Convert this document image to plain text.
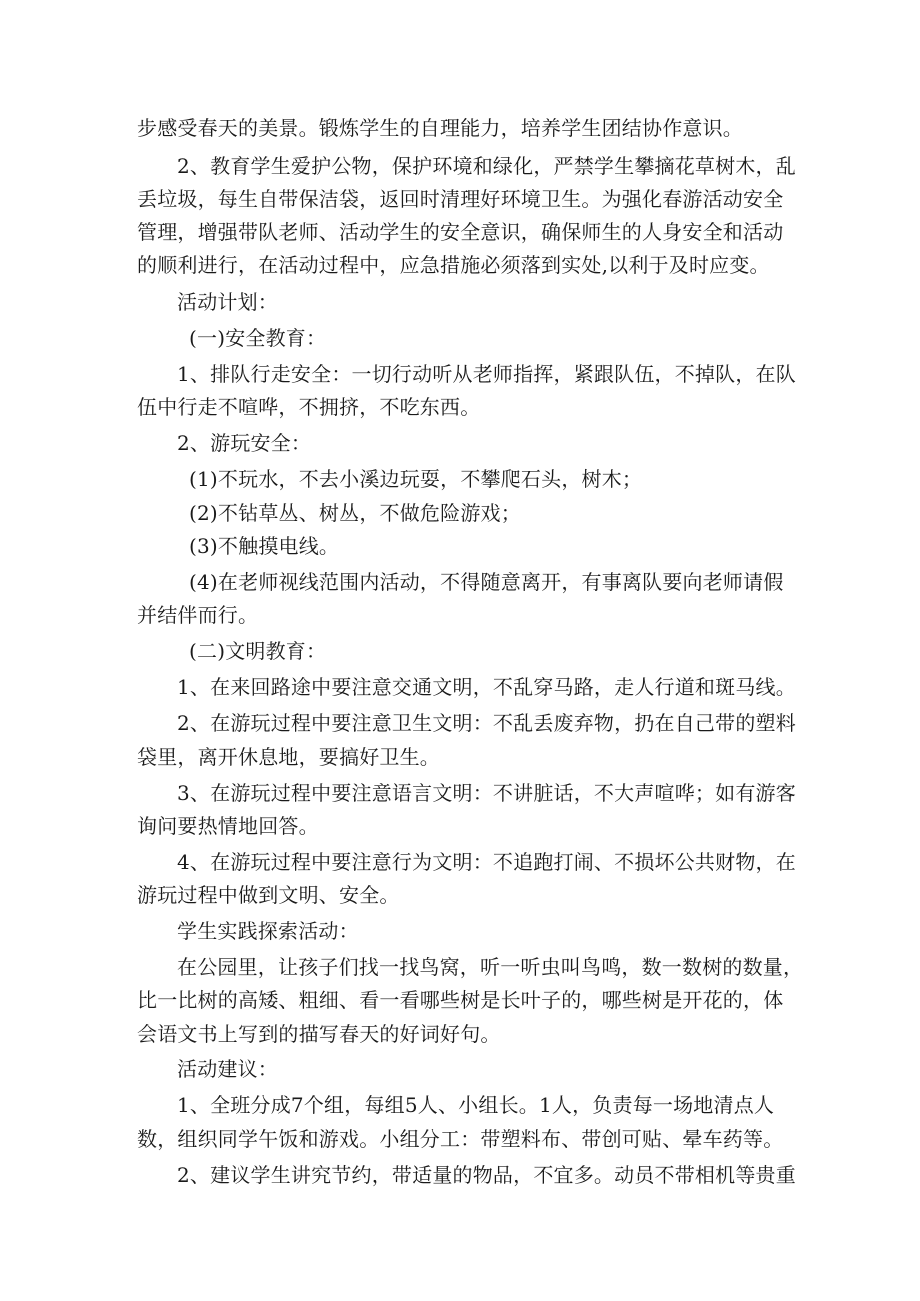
步感受春天的美景。锻炼学生的自理能力，培养学生团结协作意识。
2、教育学生爱护公物，保护环境和绿化，严禁学生攀摘花草树木，乱
丢垃圾，每生自带保洁袋，返回时清理好环境卫生。为强化春游活动安全
管理，增强带队老师、活动学生的安全意识，确保师生的人身安全和活动
的顺利进行，在活动过程中，应急措施必须落到实处,以利于及时应变。
活动计划：
(一)安全教育：
1、排队行走安全：一切行动听从老师指挥，紧跟队伍，不掉队，在队
伍中行走不喧哗，不拥挤，不吃东西。
2、游玩安全：
(1)不玩水，不去小溪边玩耍，不攀爬石头，树木；
(2)不钻草丛、树丛，不做危险游戏；
(3)不触摸电线。
(4)在老师视线范围内活动，不得随意离开，有事离队要向老师请假
并结伴而行。
(二)文明教育：
1、在来回路途中要注意交通文明，不乱穿马路，走人行道和斑马线。
2、在游玩过程中要注意卫生文明：不乱丢废弃物，扔在自己带的塑料
袋里，离开休息地，要搞好卫生。
3、在游玩过程中要注意语言文明：不讲脏话，不大声喧哗；如有游客
询问要热情地回答。
4、在游玩过程中要注意行为文明：不追跑打闹、不损坏公共财物，在
游玩过程中做到文明、安全。
学生实践探索活动：
在公园里，让孩子们找一找鸟窝，听一听虫叫鸟鸣，数一数树的数量，
比一比树的高矮、粗细、看一看哪些树是长叶子的，哪些树是开花的，体
会语文书上写到的描写春天的好词好句。
活动建议：
1、全班分成7个组，每组5人、小组长。1人，负责每一场地清点人
数，组织同学午饭和游戏。小组分工：带塑料布、带创可贴、晕车药等。
2、建议学生讲究节约，带适量的物品，不宜多。动员不带相机等贵重
